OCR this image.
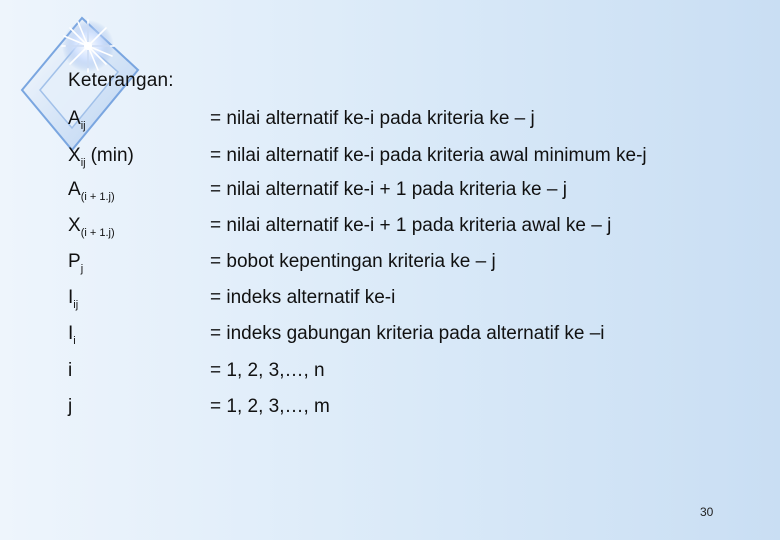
Keterangan:
$A_{ij}$	= nilai alternatif ke-i pada kriteria ke – j
$X_{ij}$ (min)	= nilai alternatif ke-i pada kriteria awal minimum ke-j
$A_{(i + 1.j)}$	= nilai alternatif ke-i + 1 pada kriteria ke – j
$X_{(i + 1.j)}$	= nilai alternatif ke-i + 1 pada kriteria awal ke – j
$P_j$	= bobot kepentingan kriteria ke – j
$I_{ij}$	= indeks alternatif ke-i
$I_i$	= indeks gabungan kriteria pada alternatif ke –i
i	= 1, 2, 3,…, n
j	= 1, 2, 3,…, m
30
